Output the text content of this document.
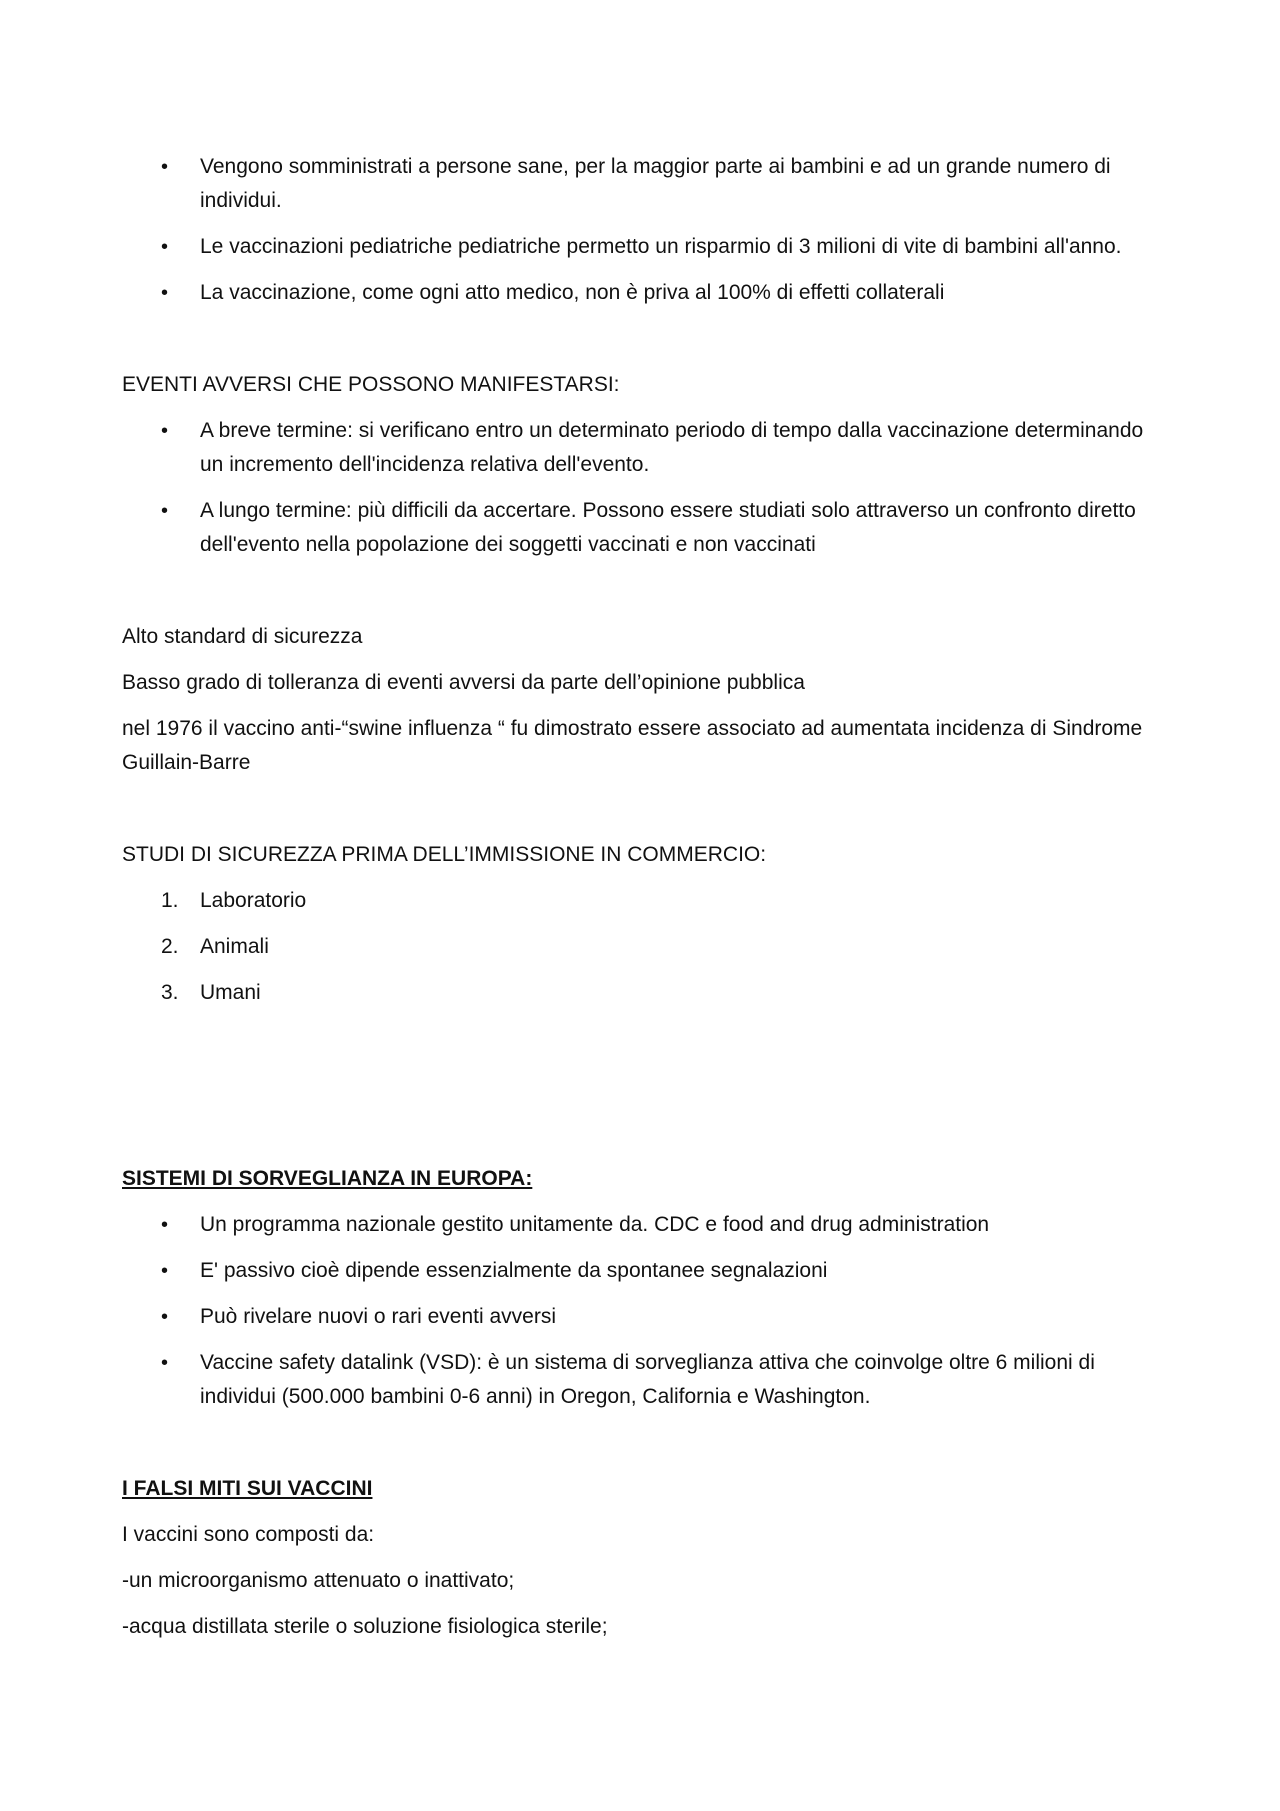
•	Vengono somministrati a persone sane, per la maggior parte ai bambini e ad un grande numero di individui.
•	Le vaccinazioni pediatriche pediatriche permetto un risparmio di 3 milioni di vite di bambini all'anno.
•	La vaccinazione, come ogni atto medico, non è priva al 100% di effetti collaterali

EVENTI AVVERSI CHE POSSONO MANIFESTARSI:

•	A breve termine: si verificano entro un determinato periodo di tempo dalla vaccinazione determinando un incremento dell'incidenza relativa dell'evento.
•	A lungo termine: più difficili da accertare. Possono essere studiati solo attraverso un confronto diretto dell'evento nella popolazione dei soggetti vaccinati e non vaccinati

Alto standard di sicurezza

Basso grado di tolleranza di eventi avversi da parte dell’opinione pubblica

nel 1976 il vaccino anti-“swine influenza “ fu dimostrato essere associato ad aumentata incidenza di Sindrome Guillain-Barre

STUDI DI SICUREZZA PRIMA DELL’IMMISSIONE IN COMMERCIO:

1.	Laboratorio
2.	Animali
3.	Umani

SISTEMI DI SORVEGLIANZA IN EUROPA:

•	Un programma nazionale gestito unitamente da. CDC e food and drug administration
•	E' passivo cioè dipende essenzialmente da spontanee segnalazioni
•	Può rivelare nuovi o rari eventi avversi
•	Vaccine safety datalink (VSD): è un sistema di sorveglianza attiva che coinvolge oltre 6 milioni di individui (500.000 bambini 0-6 anni) in Oregon, California e Washington.

I FALSI MITI SUI VACCINI

I vaccini sono composti da:

-un microorganismo attenuato o inattivato;

-acqua distillata sterile o soluzione fisiologica sterile;
